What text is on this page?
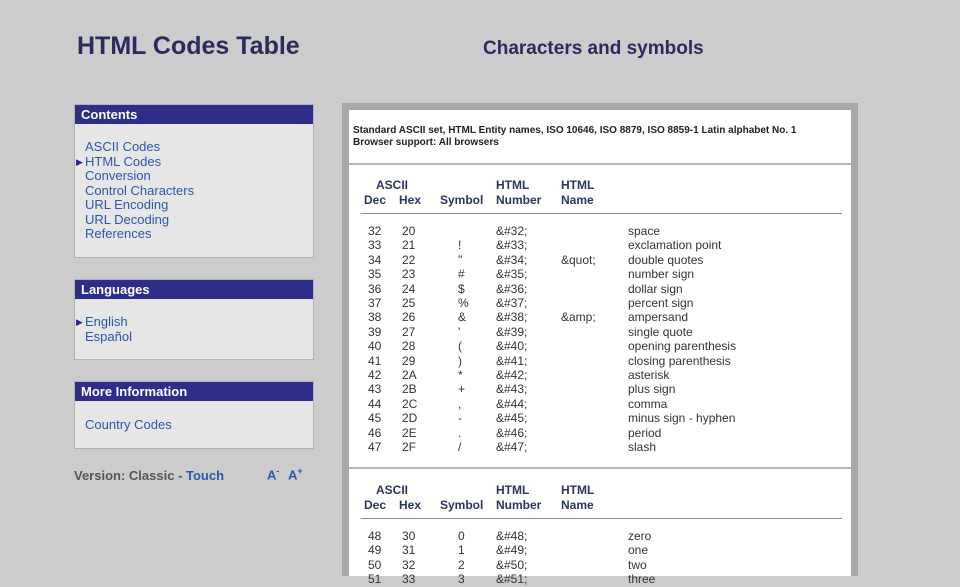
HTML Codes Table	Characters and symbols
Contents
ASCII Codes
▶ HTML Codes
Conversion
Control Characters
URL Encoding
URL Decoding
References
Languages
▶ English
Español
More Information
Country Codes
Version: Classic - Touch	A- A+
Standard ASCII set, HTML Entity names, ISO 10646, ISO 8879, ISO 8859-1 Latin alphabet No. 1
Browser support: All browsers
ASCII
Dec Hex Symbol
HTML
Number
HTML
Name
32 20	&#32;	space
33 21	!	&#33;	exclamation point
34 22	"	&#34;	&quot;	double quotes
35 23	#	&#35;	number sign
36 24	$	&#36;	dollar sign
37 25	% &#37;	percent sign
38 26	& &#38;	&amp;	ampersand
39 27	'	&#39;	single quote
40 28	(	&#40;	opening parenthesis
41 29	)	&#41;	closing parenthesis
42 2A	*	&#42;	asterisk
43 2B	+	&#43;	plus sign
44 2C	,	&#44;	comma
45 2D	-	&#45;	minus sign - hyphen
46 2E	.	&#46;	period
47 2F	/	&#47;	slash
ASCII
Dec Hex Symbol
HTML
Number
HTML
Name
48 30	0	&#48;	zero
49 31	1	&#49;	one
50 32	2	&#50;	two
51 33	3	&#51;	three
